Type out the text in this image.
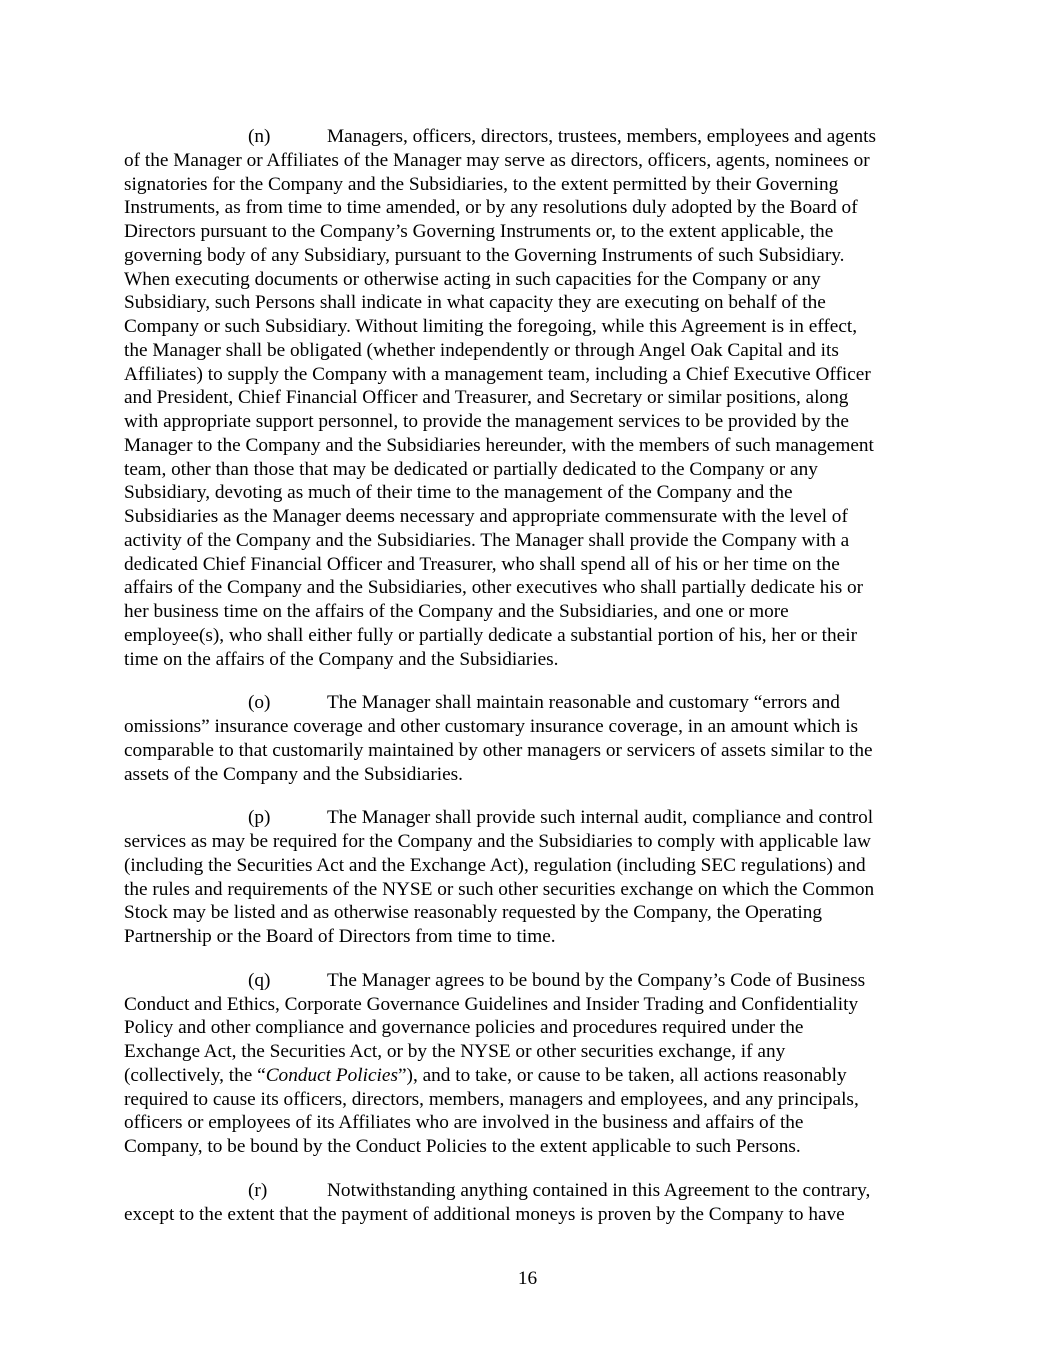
(n)	Managers, officers, directors, trustees, members, employees and agents
of the Manager or Affiliates of the Manager may serve as directors, officers, agents, nominees or
signatories for the Company and the Subsidiaries, to the extent permitted by their Governing
Instruments, as from time to time amended, or by any resolutions duly adopted by the Board of
Directors pursuant to the Company’s Governing Instruments or, to the extent applicable, the
governing body of any Subsidiary, pursuant to the Governing Instruments of such Subsidiary.
When executing documents or otherwise acting in such capacities for the Company or any
Subsidiary, such Persons shall indicate in what capacity they are executing on behalf of the
Company or such Subsidiary. Without limiting the foregoing, while this Agreement is in effect,
the Manager shall be obligated (whether independently or through Angel Oak Capital and its
Affiliates) to supply the Company with a management team, including a Chief Executive Officer
and President, Chief Financial Officer and Treasurer, and Secretary or similar positions, along
with appropriate support personnel, to provide the management services to be provided by the
Manager to the Company and the Subsidiaries hereunder, with the members of such management
team, other than those that may be dedicated or partially dedicated to the Company or any
Subsidiary, devoting as much of their time to the management of the Company and the
Subsidiaries as the Manager deems necessary and appropriate commensurate with the level of
activity of the Company and the Subsidiaries. The Manager shall provide the Company with a
dedicated Chief Financial Officer and Treasurer, who shall spend all of his or her time on the
affairs of the Company and the Subsidiaries, other executives who shall partially dedicate his or
her business time on the affairs of the Company and the Subsidiaries, and one or more
employee(s), who shall either fully or partially dedicate a substantial portion of his, her or their
time on the affairs of the Company and the Subsidiaries.
(o)	The Manager shall maintain reasonable and customary “errors and
omissions” insurance coverage and other customary insurance coverage, in an amount which is
comparable to that customarily maintained by other managers or servicers of assets similar to the
assets of the Company and the Subsidiaries.
(p)	The Manager shall provide such internal audit, compliance and control
services as may be required for the Company and the Subsidiaries to comply with applicable law
(including the Securities Act and the Exchange Act), regulation (including SEC regulations) and
the rules and requirements of the NYSE or such other securities exchange on which the Common
Stock may be listed and as otherwise reasonably requested by the Company, the Operating
Partnership or the Board of Directors from time to time.
(q)	The Manager agrees to be bound by the Company’s Code of Business
Conduct and Ethics, Corporate Governance Guidelines and Insider Trading and Confidentiality
Policy and other compliance and governance policies and procedures required under the
Exchange Act, the Securities Act, or by the NYSE or other securities exchange, if any
(collectively, the “Conduct Policies”), and to take, or cause to be taken, all actions reasonably
required to cause its officers, directors, members, managers and employees, and any principals,
officers or employees of its Affiliates who are involved in the business and affairs of the
Company, to be bound by the Conduct Policies to the extent applicable to such Persons.
(r)	Notwithstanding anything contained in this Agreement to the contrary,
except to the extent that the payment of additional moneys is proven by the Company to have
16
